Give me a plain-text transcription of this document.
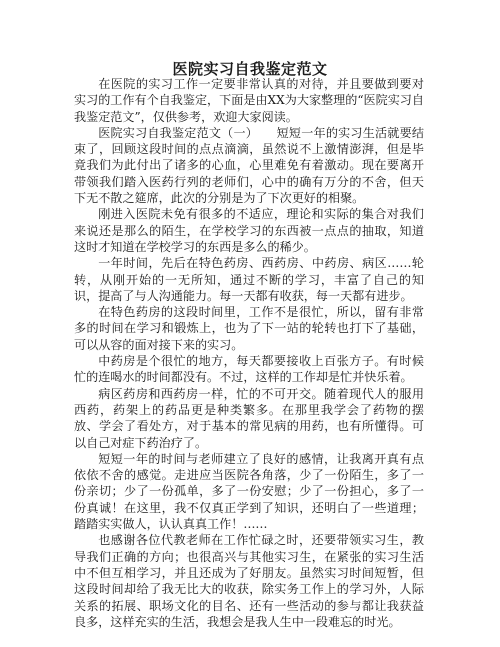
医院实习自我鉴定范文

在医院的实习工作一定要非常认真的对待，并且要做到要对实习的工作有个自我鉴定，下面是由XX为大家整理的“医院实习自我鉴定范文”，仅供参考，欢迎大家阅读。

医院实习自我鉴定范文（一）　　短短一年的实习生活就要结束了，回顾这段时间的点点滴滴，虽然说不上激情澎湃，但是毕竟我们为此付出了诸多的心血，心里难免有着激动。现在要离开带领我们踏入医药行列的老师们，心中的确有万分的不舍，但天下无不散之筵席，此次的分别是为了下次更好的相聚。

刚进入医院未免有很多的不适应，理论和实际的集合对我们来说还是那么的陌生，在学校学习的东西被一点点的抽取，知道这时才知道在学校学习的东西是多么的稀少。

一年时间，先后在特色药房、西药房、中药房、病区……轮转，从刚开始的一无所知，通过不断的学习，丰富了自己的知识，提高了与人沟通能力。每一天都有收获，每一天都有进步。

在特色药房的这段时间里，工作不是很忙，所以，留有非常多的时间在学习和锻炼上，也为了下一站的轮转也打下了基础，可以从容的面对接下来的实习。

中药房是个很忙的地方，每天都要接收上百张方子。有时候忙的连喝水的时间都没有。不过，这样的工作却是忙并快乐着。

病区药房和西药房一样，忙的不可开交。随着现代人的服用西药，药架上的药品更是种类繁多。在那里我学会了药物的摆放、学会了看处方，对于基本的常见病的用药，也有所懂得。可以自己对症下药治疗了。

短短一年的时间与老师建立了良好的感情，让我离开真有点依依不舍的感觉。走进应当医院各角落，少了一份陌生，多了一份亲切；少了一份孤单，多了一份安慰；少了一份担心，多了一份真诚！在这里，我不仅真正学到了知识，还明白了一些道理；踏踏实实做人，认认真真工作！……

也感谢各位代教老师在工作忙碌之时，还要带领实习生，教导我们正确的方向；也很高兴与其他实习生，在紧张的实习生活中不但互相学习，并且还成为了好朋友。虽然实习时间短暂，但这段时间却给了我无比大的收获，除实务工作上的学习外，人际关系的拓展、职场文化的目名、还有一些活动的参与都让我获益良多，这样充实的生活，我想会是我人生中一段难忘的时光。
